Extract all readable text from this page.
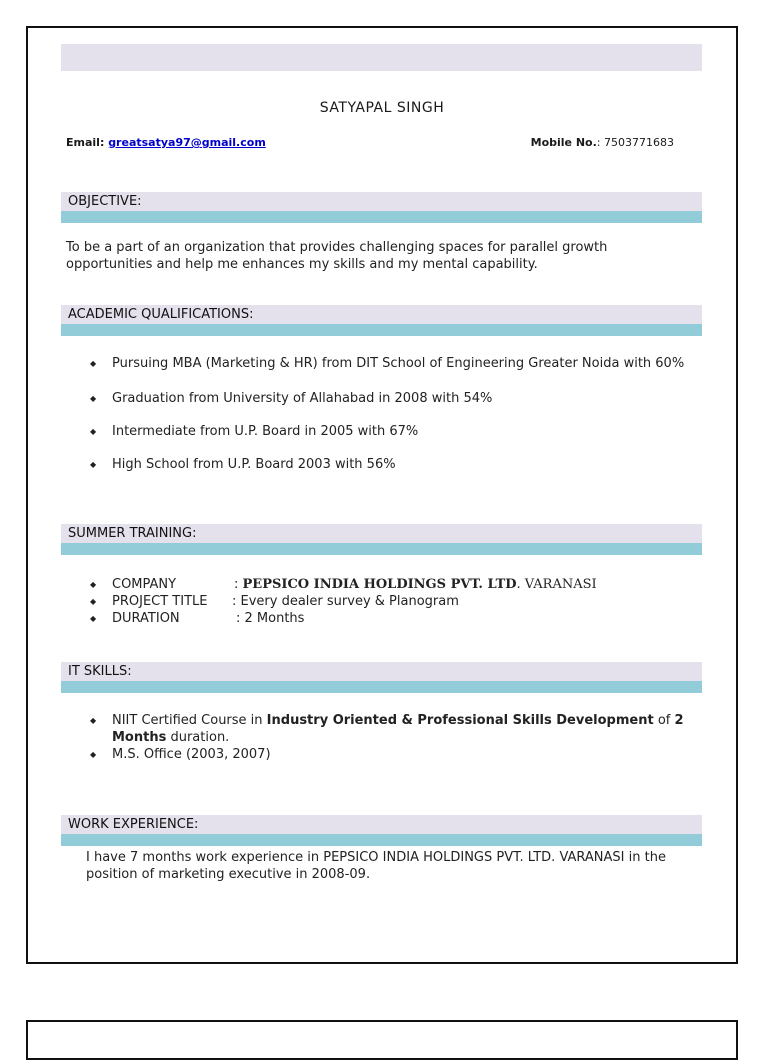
SATYAPAL SINGH
Email: greatsatya97@gmail.com	Mobile No.: 7503771683
OBJECTIVE:
To be a part of an organization that provides challenging spaces for parallel growth opportunities and help me enhances my skills and my mental capability.
ACADEMIC QUALIFICATIONS:
◆ Pursuing MBA (Marketing & HR) from DIT School of Engineering Greater Noida with 60%
◆ Graduation from University of Allahabad in 2008 with 54%
◆ Intermediate from U.P. Board in 2005 with 67%
◆ High School from U.P. Board 2003 with 56%
SUMMER TRAINING:
◆ COMPANY	: PEPSICO INDIA HOLDINGS PVT. LTD. VARANASI
◆ PROJECT TITLE : Every dealer survey & Planogram
◆ DURATION	: 2 Months
IT SKILLS:
◆ NIIT Certified Course in Industry Oriented & Professional Skills Development of 2 Months duration.
◆ M.S. Office (2003, 2007)
WORK EXPERIENCE:
I have 7 months work experience in PEPSICO INDIA HOLDINGS PVT. LTD. VARANASI in the position of marketing executive in 2008-09.
